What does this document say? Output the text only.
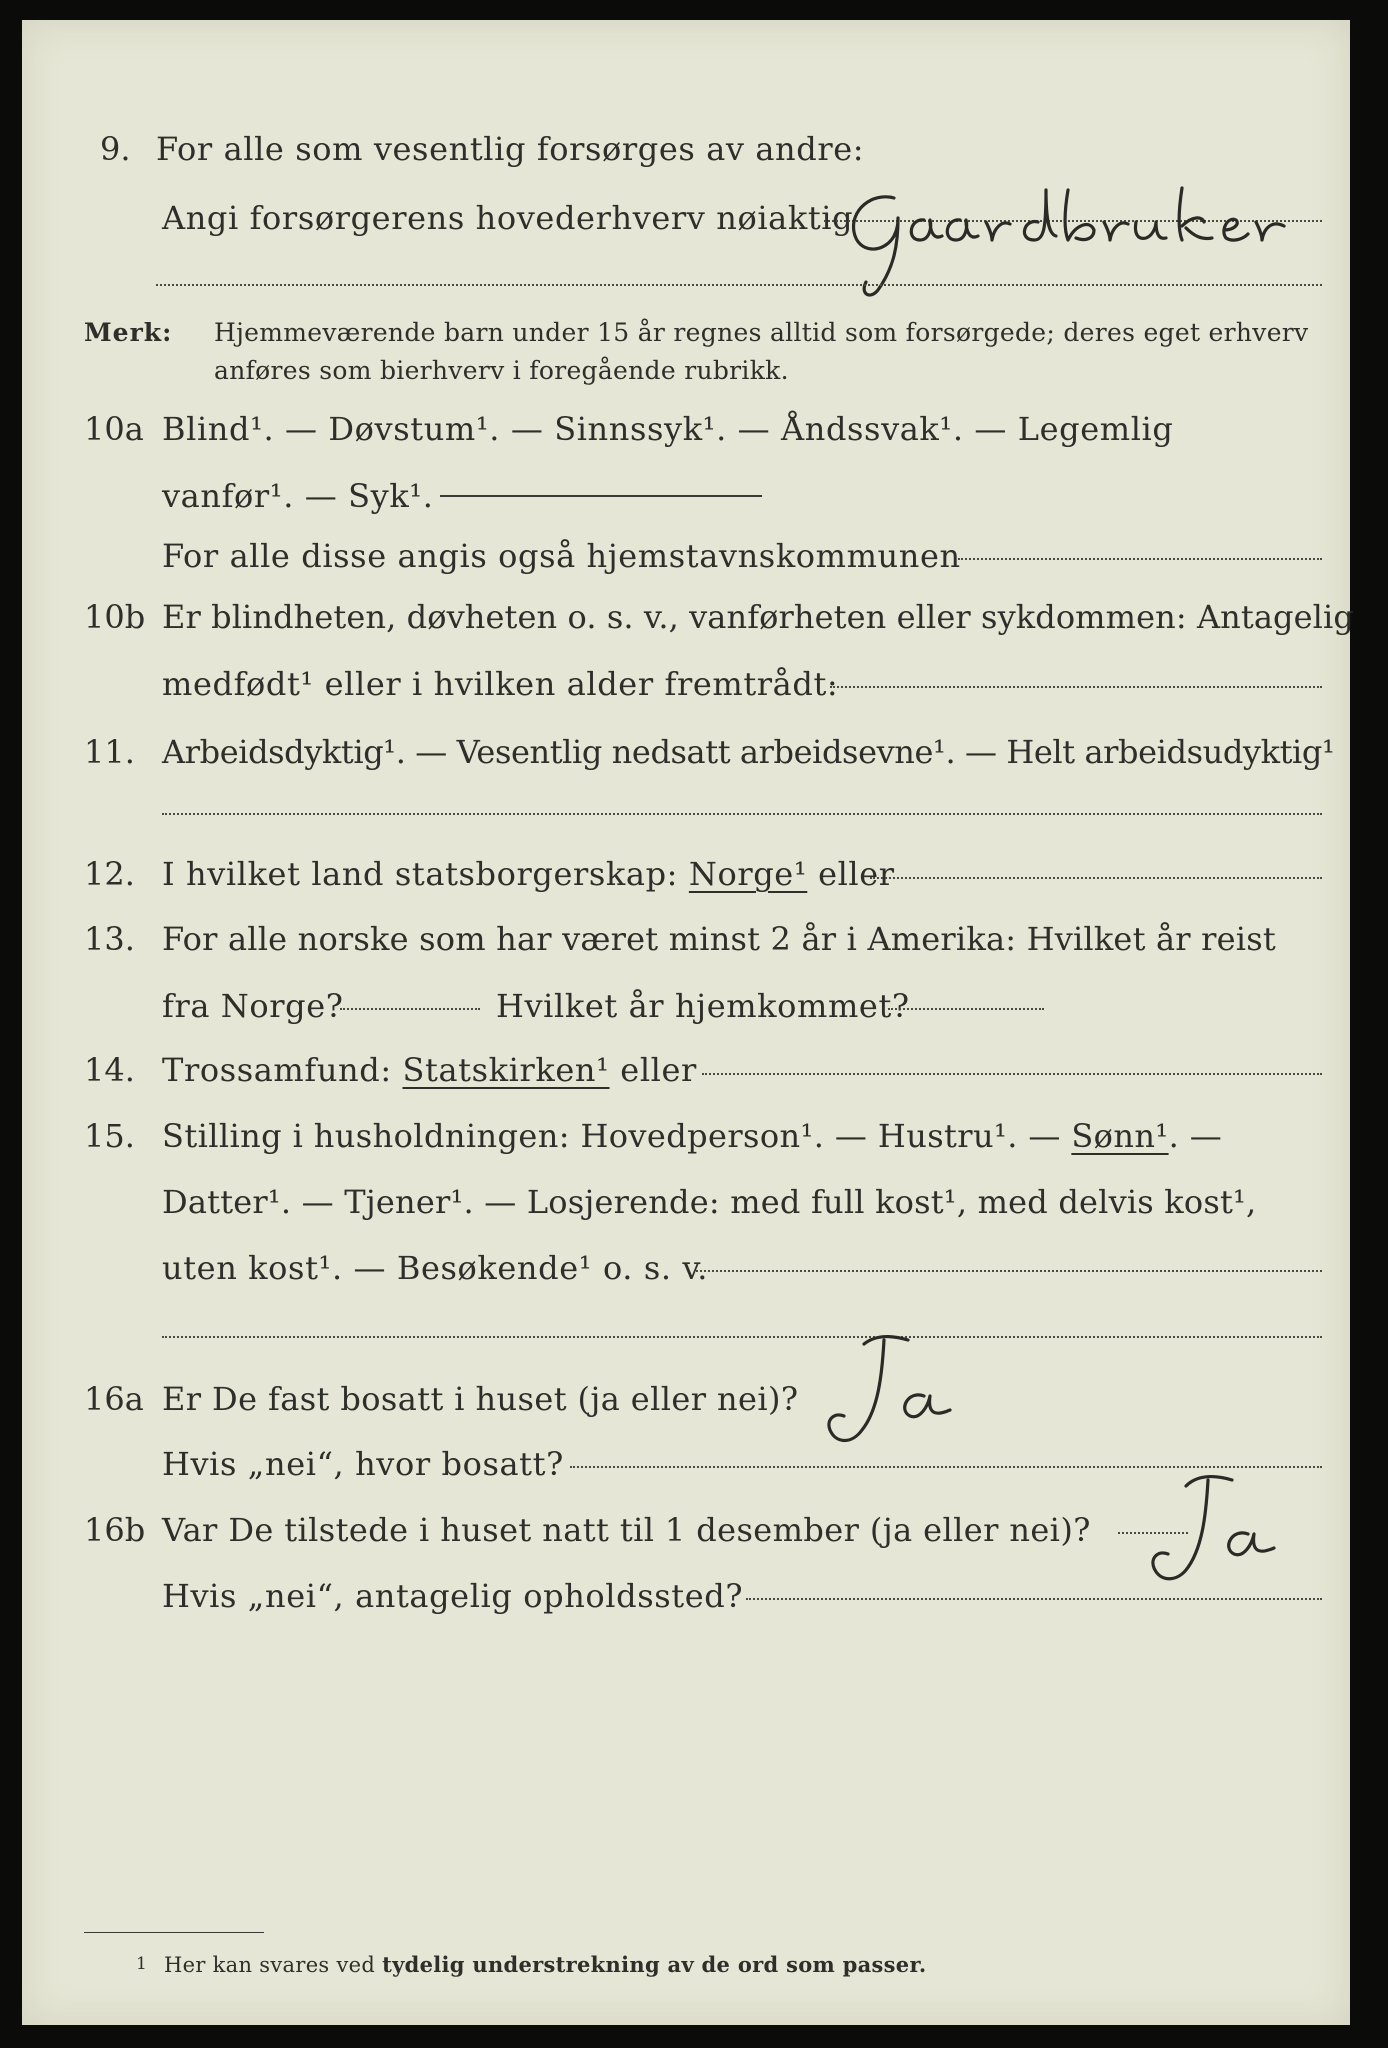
9. For alle som vesentlig forsørges av andre:
Angi forsørgerens hovederhverv nøiaktig
Merk: Hjemmeværende barn under 15 år regnes alltid som forsørgede; deres eget erhverv
anføres som bierhverv i foregående rubrikk.
10a Blind¹. — Døvstum¹. — Sinnssyk¹. — Åndssvak¹. — Legemlig
vanfør¹. — Syk¹.
For alle disse angis også hjemstavnskommunen
10b Er blindheten, døvheten o. s. v., vanførheten eller sykdommen: Antagelig
medfødt¹ eller i hvilken alder fremtrådt:
11. Arbeidsdyktig¹. — Vesentlig nedsatt arbeidsevne¹. — Helt arbeidsudyktig¹
12. I hvilket land statsborgerskap: Norge¹ eller
13. For alle norske som har været minst 2 år i Amerika: Hvilket år reist
fra Norge?	Hvilket år hjemkommet?
14. Trossamfund: Statskirken¹ eller
15. Stilling i husholdningen: Hovedperson¹. — Hustru¹. — Sønn¹. —
Datter¹. — Tjener¹. — Losjerende: med full kost¹, med delvis kost¹,
uten kost¹. — Besøkende¹ o. s. v.
16a Er De fast bosatt i huset (ja eller nei)?
Hvis „nei“, hvor bosatt?
16b Var De tilstede i huset natt til 1 desember (ja eller nei)?
Hvis „nei“, antagelig opholdssted?
1 Her kan svares ved tydelig understrekning av de ord som passer.
